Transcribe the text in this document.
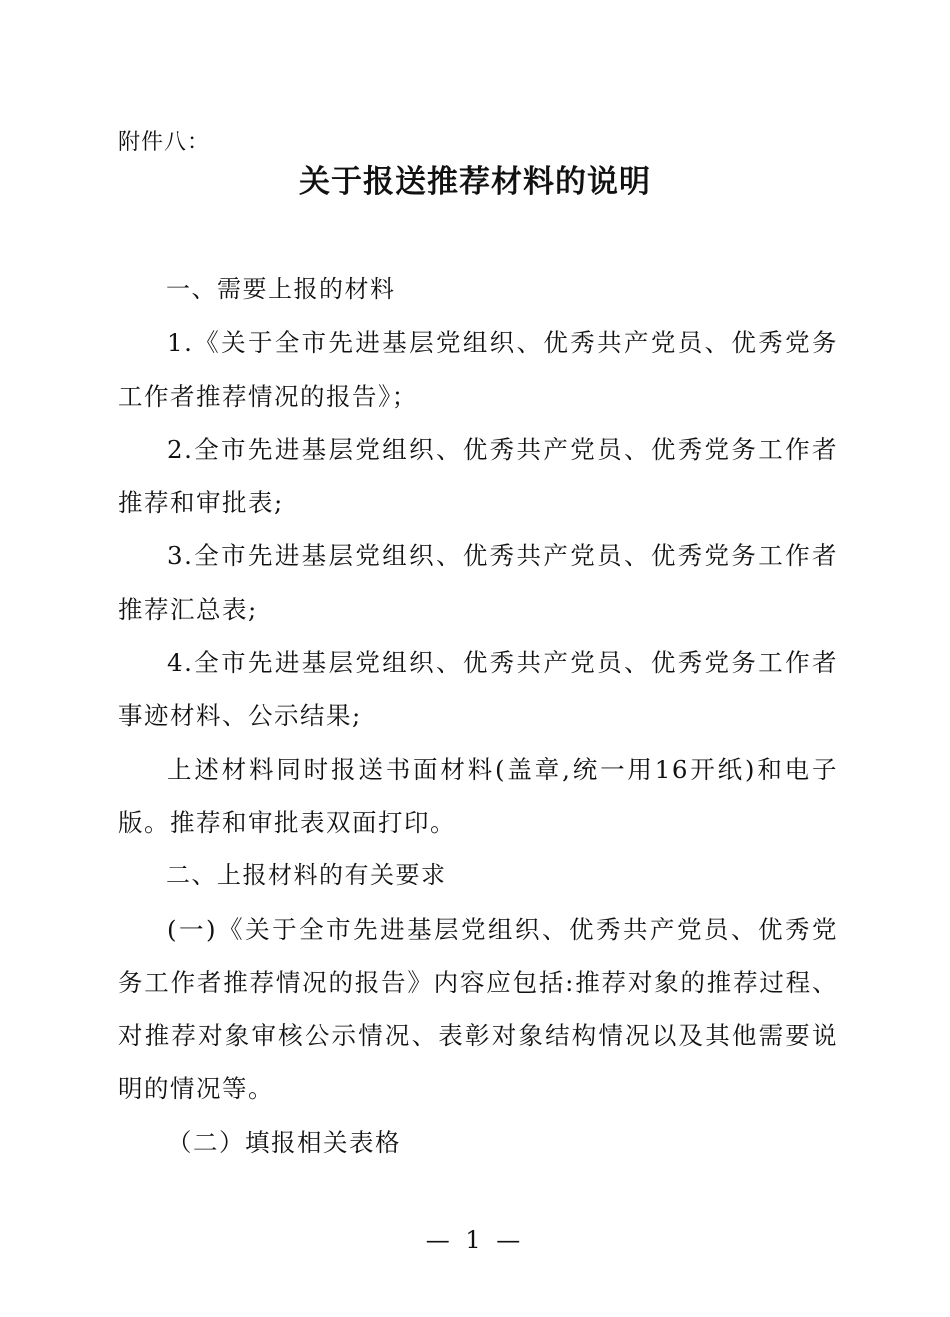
附件八：
关于报送推荐材料的说明

一、需要上报的材料

1.《关于全市先进基层党组织、优秀共产党员、优秀党务工作者推荐情况的报告》；

2.全市先进基层党组织、优秀共产党员、优秀党务工作者推荐和审批表;

3.全市先进基层党组织、优秀共产党员、优秀党务工作者推荐汇总表;

4.全市先进基层党组织、优秀共产党员、优秀党务工作者事迹材料、公示结果;

上述材料同时报送书面材料(盖章,统一用16开纸)和电子版。推荐和审批表双面打印。

二、上报材料的有关要求

(一)《关于全市先进基层党组织、优秀共产党员、优秀党务工作者推荐情况的报告》内容应包括:推荐对象的推荐过程、对推荐对象审核公示情况、表彰对象结构情况以及其他需要说明的情况等。

（二）填报相关表格

— 1 —
